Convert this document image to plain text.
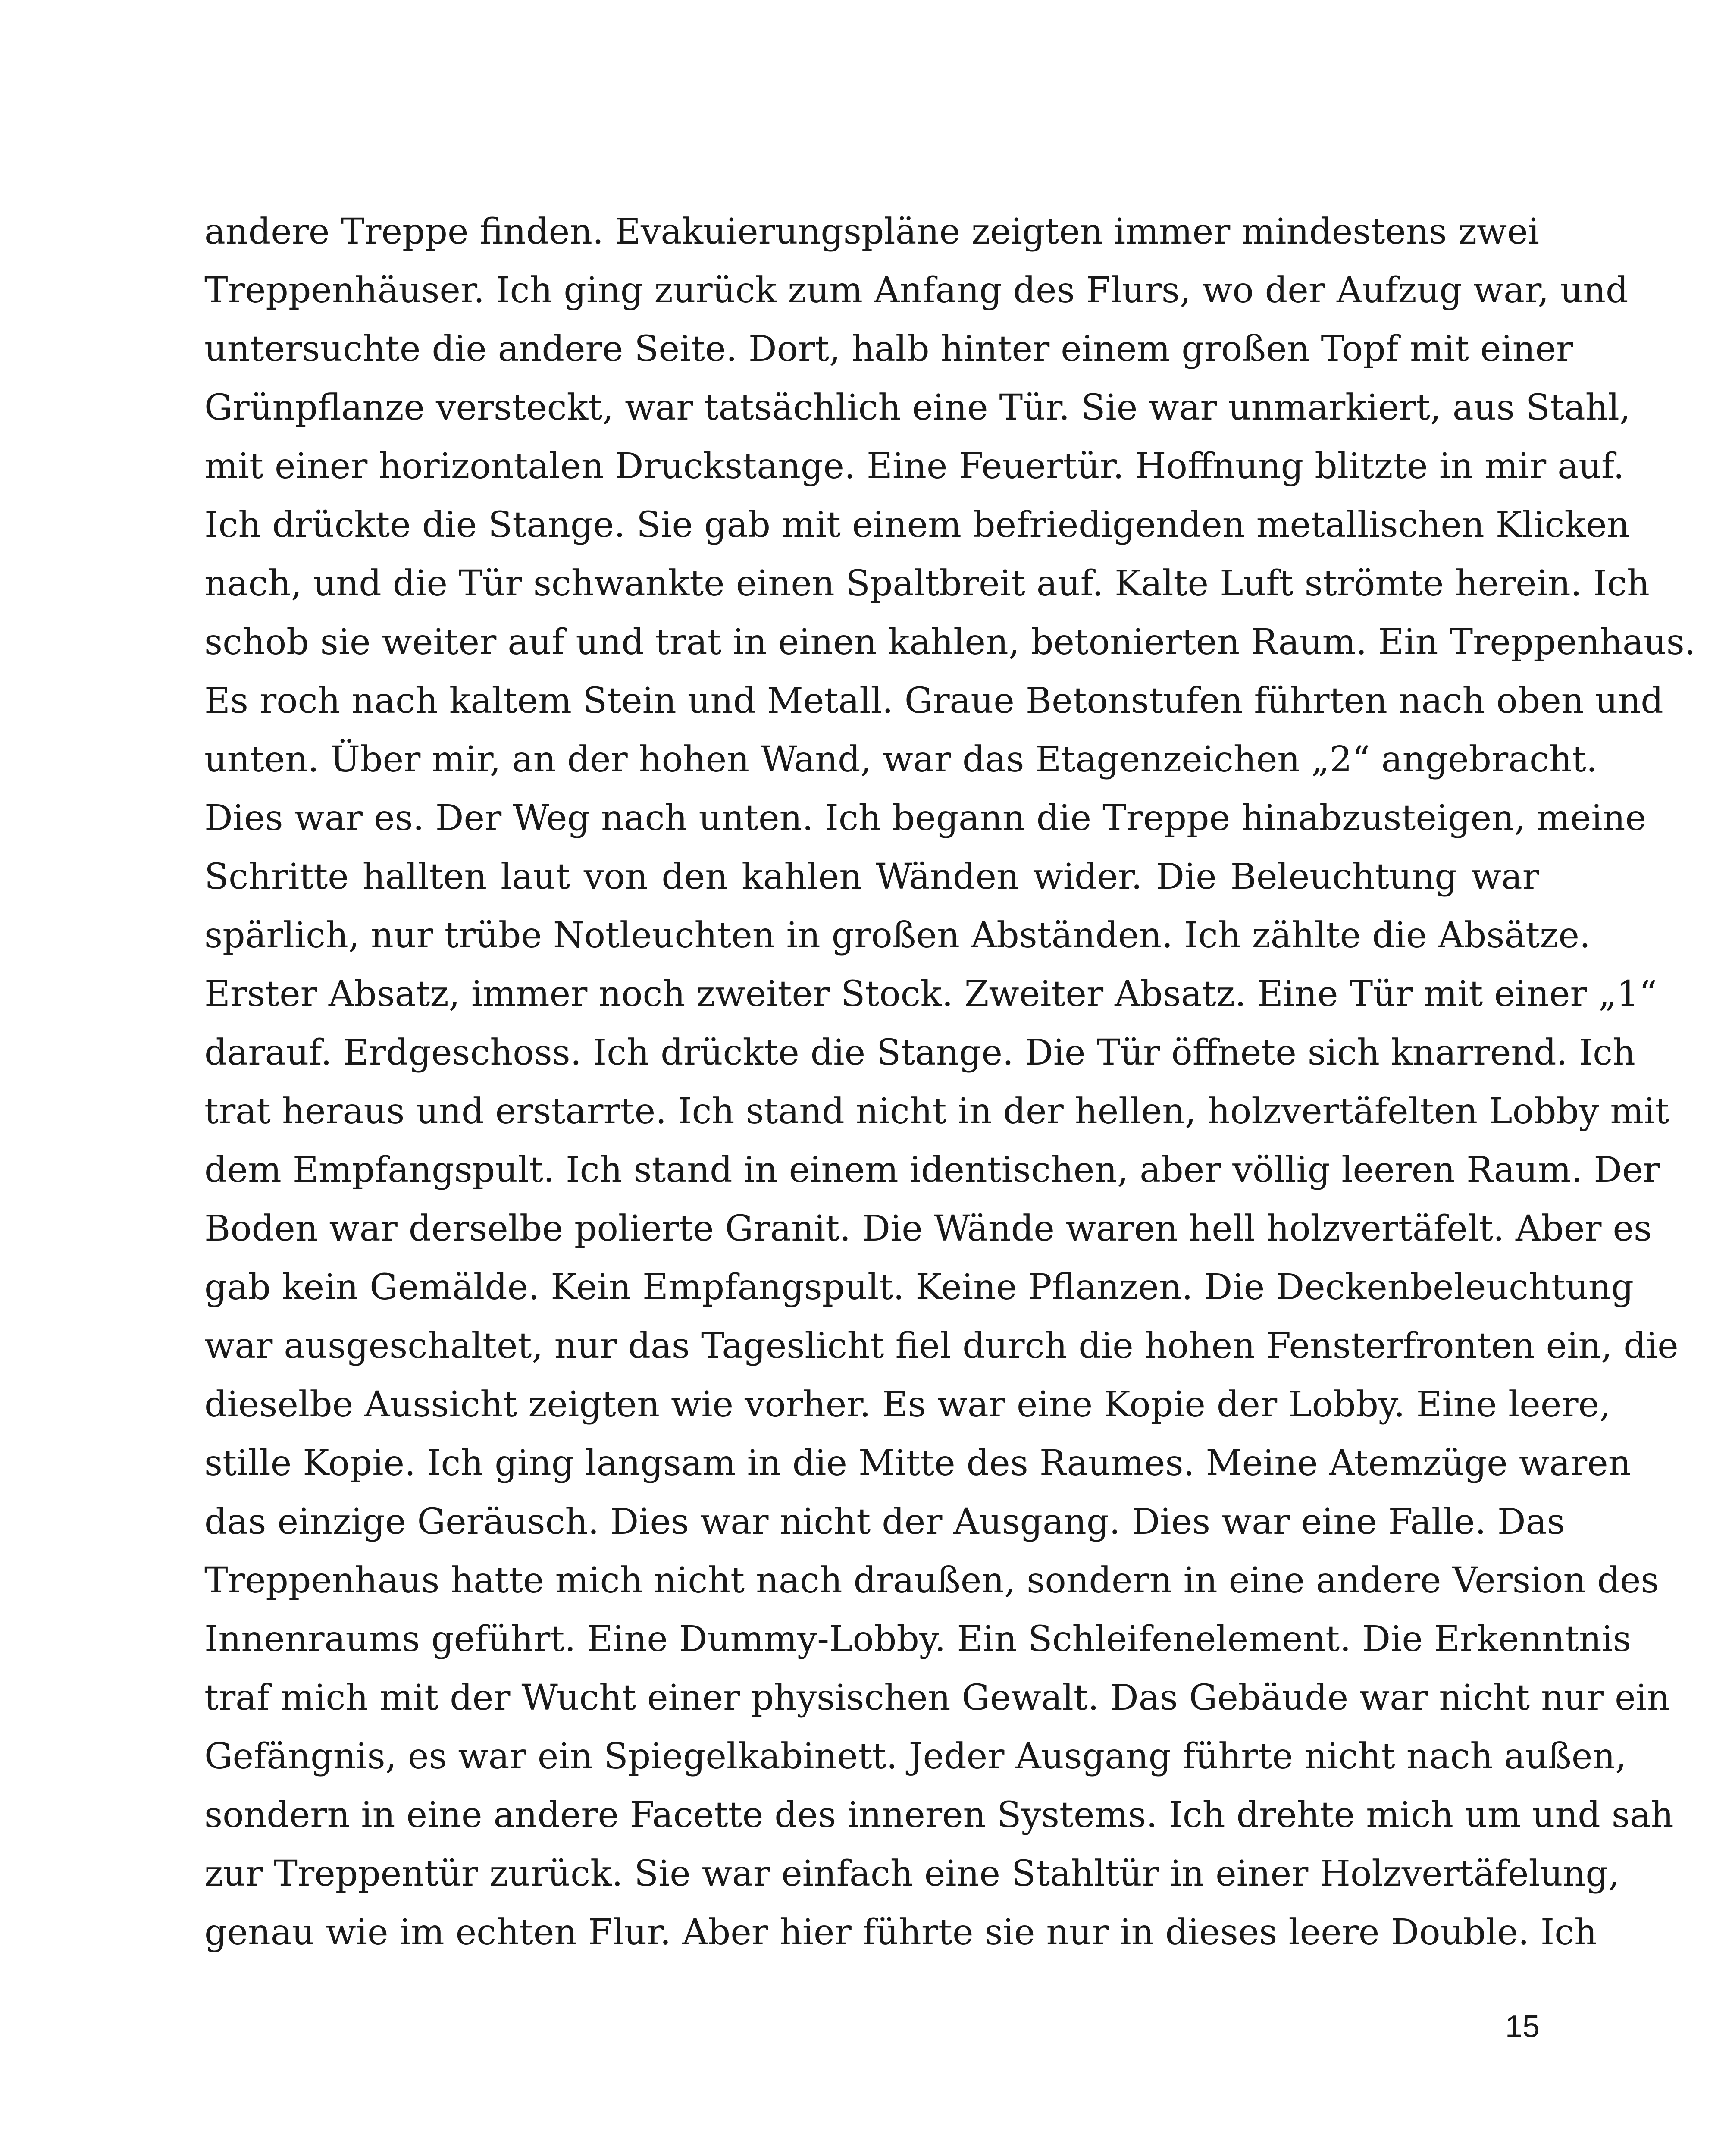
andere Treppe finden. Evakuierungspläne zeigten immer mindestens zwei
Treppenhäuser. Ich ging zurück zum Anfang des Flurs, wo der Aufzug war, und
untersuchte die andere Seite. Dort, halb hinter einem großen Topf mit einer
Grünpflanze versteckt, war tatsächlich eine Tür. Sie war unmarkiert, aus Stahl,
mit einer horizontalen Druckstange. Eine Feuertür. Hoffnung blitzte in mir auf.
Ich drückte die Stange. Sie gab mit einem befriedigenden metallischen Klicken
nach, und die Tür schwankte einen Spaltbreit auf. Kalte Luft strömte herein. Ich
schob sie weiter auf und trat in einen kahlen, betonierten Raum. Ein Treppenhaus.
Es roch nach kaltem Stein und Metall. Graue Betonstufen führten nach oben und
unten. Über mir, an der hohen Wand, war das Etagenzeichen „2“ angebracht.
Dies war es. Der Weg nach unten. Ich begann die Treppe hinabzusteigen, meine
Schritte hallten laut von den kahlen Wänden wider. Die Beleuchtung war
spärlich, nur trübe Notleuchten in großen Abständen. Ich zählte die Absätze.
Erster Absatz, immer noch zweiter Stock. Zweiter Absatz. Eine Tür mit einer „1“
darauf. Erdgeschoss. Ich drückte die Stange. Die Tür öffnete sich knarrend. Ich
trat heraus und erstarrte. Ich stand nicht in der hellen, holzvertäfelten Lobby mit
dem Empfangspult. Ich stand in einem identischen, aber völlig leeren Raum. Der
Boden war derselbe polierte Granit. Die Wände waren hell holzvertäfelt. Aber es
gab kein Gemälde. Kein Empfangspult. Keine Pflanzen. Die Deckenbeleuchtung
war ausgeschaltet, nur das Tageslicht fiel durch die hohen Fensterfronten ein, die
dieselbe Aussicht zeigten wie vorher. Es war eine Kopie der Lobby. Eine leere,
stille Kopie. Ich ging langsam in die Mitte des Raumes. Meine Atemzüge waren
das einzige Geräusch. Dies war nicht der Ausgang. Dies war eine Falle. Das
Treppenhaus hatte mich nicht nach draußen, sondern in eine andere Version des
Innenraums geführt. Eine Dummy-Lobby. Ein Schleifenelement. Die Erkenntnis
traf mich mit der Wucht einer physischen Gewalt. Das Gebäude war nicht nur ein
Gefängnis, es war ein Spiegelkabinett. Jeder Ausgang führte nicht nach außen,
sondern in eine andere Facette des inneren Systems. Ich drehte mich um und sah
zur Treppentür zurück. Sie war einfach eine Stahltür in einer Holzvertäfelung,
genau wie im echten Flur. Aber hier führte sie nur in dieses leere Double. Ich
15
